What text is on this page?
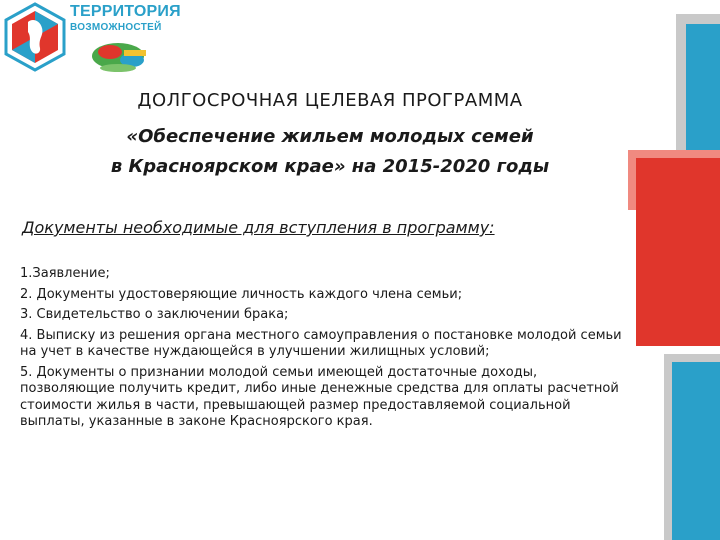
ТЕРРИТОРИЯ
ВОЗМОЖНОСТЕЙ
ДОЛГОСРОЧНАЯ ЦЕЛЕВАЯ ПРОГРАММА
«Обеспечение жильем молодых семей
в Красноярском крае» на 2015-2020 годы
Документы необходимые для вступления в программу:
1.Заявление;
2. Документы удостоверяющие личность каждого члена семьи;
3. Свидетельство о заключении брака;
4. Выписку из решения органа местного самоуправления о постановке молодой семьи на учет в качестве нуждающейся в улучшении жилищных условий;
5. Документы о признании молодой семьи имеющей достаточные доходы, позволяющие получить кредит, либо иные денежные средства для оплаты расчетной стоимости жилья в части, превышающей размер предоставляемой социальной выплаты, указанные в законе Красноярского края.
